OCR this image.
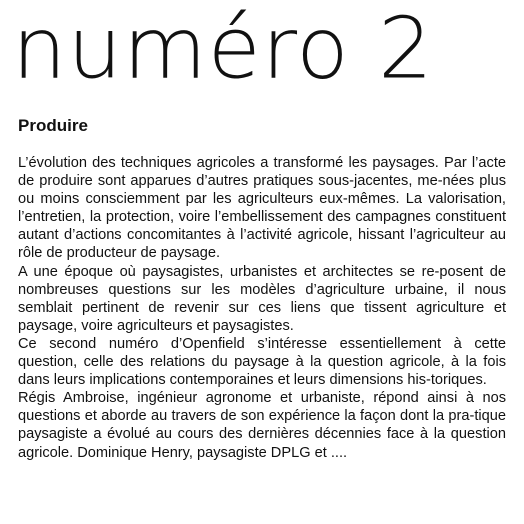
numéro 2
Produire

L’évolution des techniques agricoles a transformé les paysages. Par l’acte de produire sont apparues d’autres pratiques sous-jacentes, me-nées plus ou moins consciemment par les agriculteurs eux-mêmes. La valorisation, l’entretien, la protection, voire l’embellissement des campagnes constituent autant d’actions concomitantes à l’activité agricole, hissant l’agriculteur au rôle de producteur de paysage.

A une époque où paysagistes, urbanistes et architectes se re-posent de nombreuses questions sur les modèles d’agriculture urbaine, il nous semblait pertinent de revenir sur ces liens que tissent agriculture et paysage, voire agriculteurs et paysagistes.

Ce second numéro d’Openfield s’intéresse essentiellement à cette question, celle des relations du paysage à la question agricole, à la fois dans leurs implications contemporaines et leurs dimensions his-toriques.

Régis Ambroise, ingénieur agronome et urbaniste, répond ainsi à nos questions et aborde au travers de son expérience la façon dont la pra-tique paysagiste a évolué au cours des dernières décennies face à la question agricole. Dominique Henry, paysagiste DPLG et ....
